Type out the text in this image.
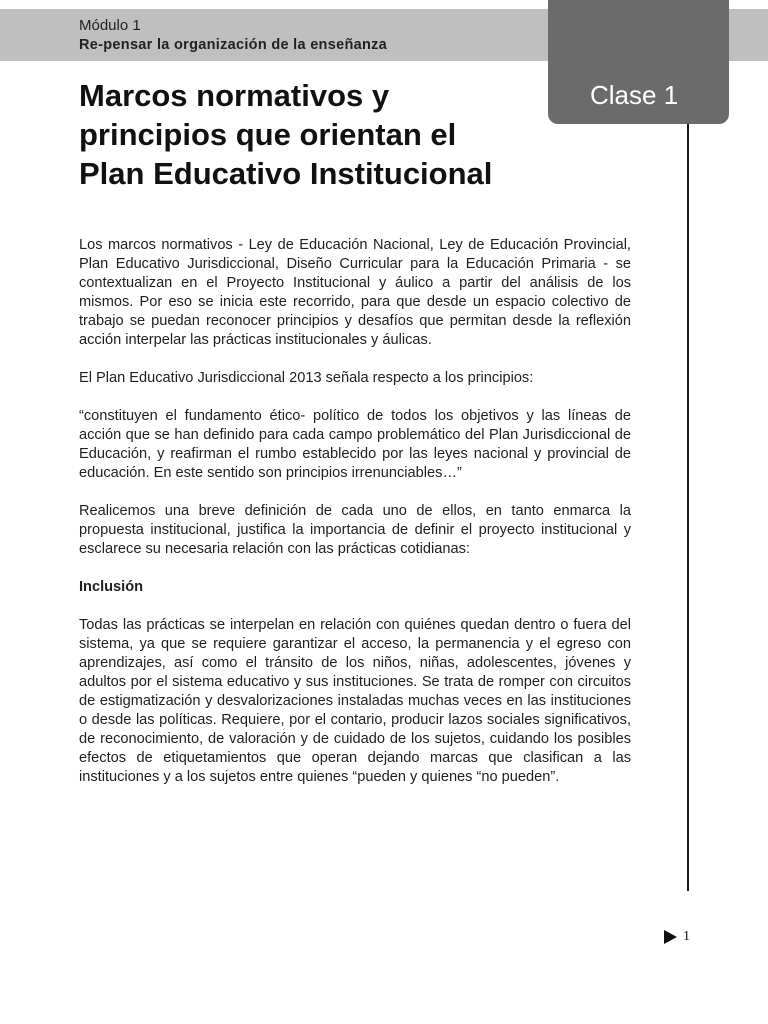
Módulo 1
Re-pensar la organización de la enseñanza
Clase 1
Marcos normativos y
principios que orientan el
Plan Educativo Institucional

Los marcos normativos - Ley de Educación Nacional, Ley de Educación Provincial, Plan Educativo Jurisdiccional, Diseño Curricular para la Educación Primaria - se contextualizan en el Proyecto Institucional y áulico a partir del análisis de los mismos. Por eso se inicia este recorrido, para que desde un espacio colectivo de trabajo se puedan reconocer principios y desafíos que permitan desde la reflexión acción interpelar las prácticas institucionales y áulicas.

El Plan Educativo Jurisdiccional 2013 señala respecto a los principios:

“constituyen el fundamento ético- político de todos los objetivos y las líneas de acción que se han definido para cada campo problemático del Plan Jurisdiccional de Educación, y reafirman el rumbo establecido por las leyes nacional y provincial de educación. En este sentido son principios irrenunciables…”

Realicemos una breve definición de cada uno de ellos, en tanto enmarca la propuesta institucional, justifica la importancia de definir el proyecto institucional y esclarece su necesaria relación con las prácticas cotidianas:

Inclusión

Todas las prácticas se interpelan en relación con quiénes quedan dentro o fuera del sistema, ya que se requiere garantizar el acceso, la permanencia y el egreso con aprendizajes, así como el tránsito de los niños, niñas, adolescentes, jóvenes y adultos por el sistema educativo y sus instituciones. Se trata de romper con circuitos de estigmatización y desvalorizaciones instaladas muchas veces en las instituciones o desde las políticas. Requiere, por el contario, producir lazos sociales significativos, de reconocimiento, de valoración y de cuidado de los sujetos, cuidando los posibles efectos de etiquetamientos que operan dejando marcas que clasifican a las instituciones y a los sujetos entre quienes “pueden y quienes “no pueden”.

1
